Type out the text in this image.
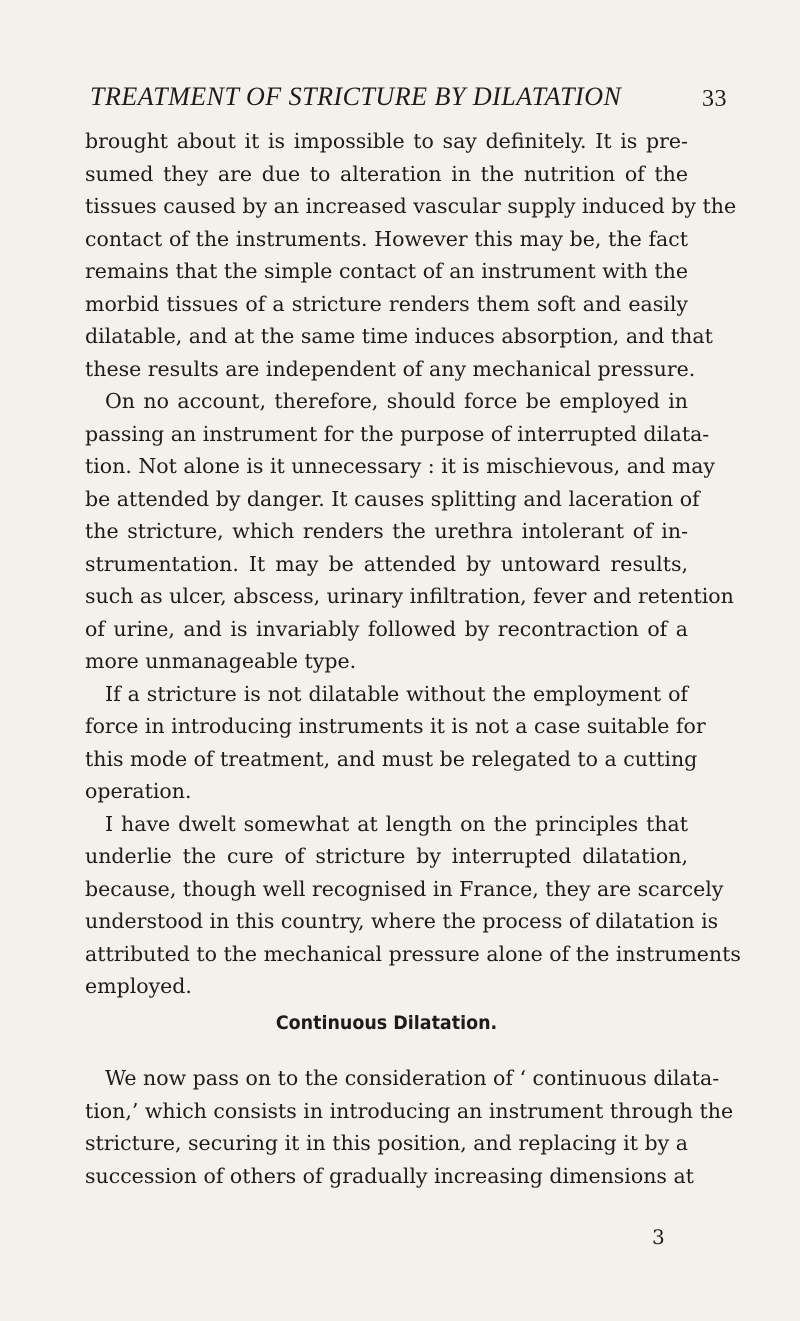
TREATMENT OF STRICTURE BY DILATATION	33
brought about it is impossible to say definitely. It is pre-
sumed they are due to alteration in the nutrition of the
tissues caused by an increased vascular supply induced by the
contact of the instruments. However this may be, the fact
remains that the simple contact of an instrument with the
morbid tissues of a stricture renders them soft and easily
dilatable, and at the same time induces absorption, and that
these results are independent of any mechanical pressure.
On no account, therefore, should force be employed in
passing an instrument for the purpose of interrupted dilata-
tion. Not alone is it unnecessary : it is mischievous, and may
be attended by danger. It causes splitting and laceration of
the stricture, which renders the urethra intolerant of in-
strumentation. It may be attended by untoward results,
such as ulcer, abscess, urinary infiltration, fever and retention
of urine, and is invariably followed by recontraction of a
more unmanageable type.
If a stricture is not dilatable without the employment of
force in introducing instruments it is not a case suitable for
this mode of treatment, and must be relegated to a cutting
operation.
I have dwelt somewhat at length on the principles that
underlie the cure of stricture by interrupted dilatation,
because, though well recognised in France, they are scarcely
understood in this country, where the process of dilatation is
attributed to the mechanical pressure alone of the instruments
employed.
Continuous Dilatation.
We now pass on to the consideration of ‘ continuous dilata-
tion,’ which consists in introducing an instrument through the
stricture, securing it in this position, and replacing it by a
succession of others of gradually increasing dimensions at
3
